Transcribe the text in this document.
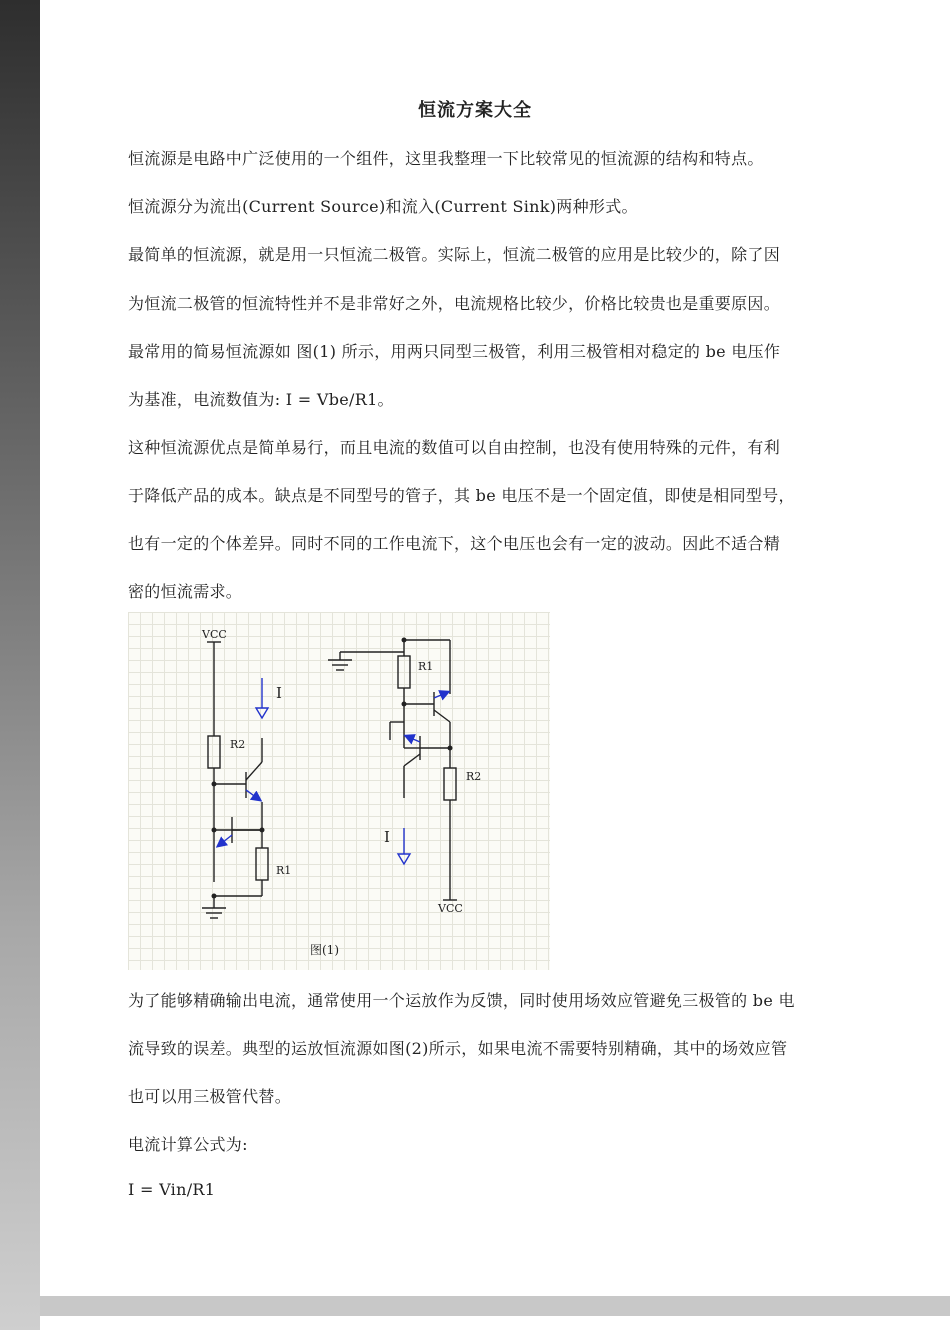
恒流方案大全
恒流源是电路中广泛使用的一个组件，这里我整理一下比较常见的恒流源的结构和特点。
恒流源分为流出(Current Source)和流入(Current Sink)两种形式。
最简单的恒流源，就是用一只恒流二极管。实际上，恒流二极管的应用是比较少的，除了因
为恒流二极管的恒流特性并不是非常好之外，电流规格比较少，价格比较贵也是重要原因。
最常用的简易恒流源如 图(1) 所示，用两只同型三极管，利用三极管相对稳定的 be 电压作
为基准，电流数值为: I = Vbe/R1。
这种恒流源优点是简单易行，而且电流的数值可以自由控制，也没有使用特殊的元件，有利
于降低产品的成本。缺点是不同型号的管子，其 be 电压不是一个固定值，即使是相同型号，
也有一定的个体差异。同时不同的工作电流下，这个电压也会有一定的波动。因此不适合精
密的恒流需求。
VCC
I
R2
R1
R1
R2
I
VCC
图(1)
为了能够精确输出电流，通常使用一个运放作为反馈，同时使用场效应管避免三极管的 be 电
流导致的误差。典型的运放恒流源如图(2)所示，如果电流不需要特别精确，其中的场效应管
也可以用三极管代替。
电流计算公式为:
I = Vin/R1
